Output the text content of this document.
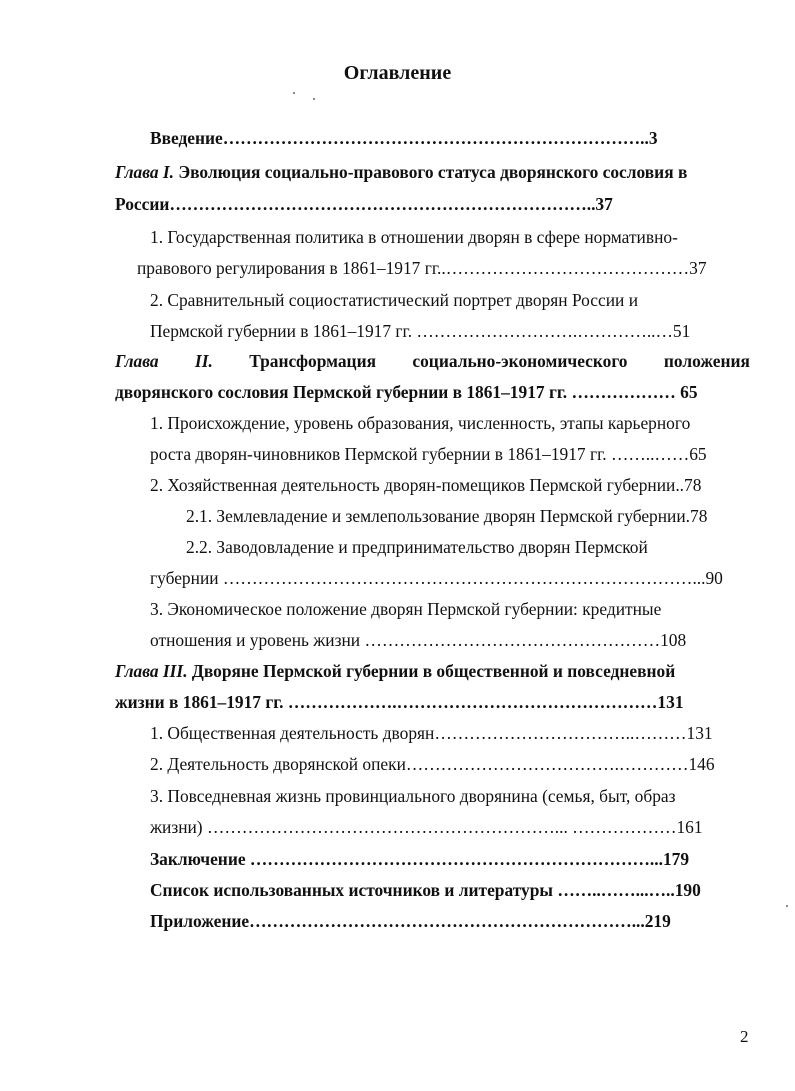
Оглавление
Введение………………………………………………………………..3
Глава I. Эволюция социально-правового статуса дворянского сословия в
России………………………………………………………………..37
1. Государственная политика в отношении дворян в сфере нормативно-
правового регулирования в 1861–1917 гг..……………………………………37
2. Сравнительный социостатистический портрет дворян России и
Пермской губернии в 1861–1917 гг. ……………………….…………..…51
Глава II. Трансформация социально-экономического положения
дворянского сословия Пермской губернии в 1861–1917 гг. ……………… 65
1. Происхождение, уровень образования, численность, этапы карьерного
роста дворян-чиновников Пермской губернии в 1861–1917 гг. ……..……65
2. Хозяйственная деятельность дворян-помещиков Пермской губернии..78
2.1. Землевладение и землепользование дворян Пермской губернии.78
2.2. Заводовладение и предпринимательство дворян Пермской
губернии ………………………………………………………………………...90
3. Экономическое положение дворян Пермской губернии: кредитные
отношения и уровень жизни ……………………………………………108
Глава III. Дворяне Пермской губернии в общественной и повседневной
жизни в 1861–1917 гг. ……………….………………………………………131
1. Общественная деятельность дворян……………………………..………131
2. Деятельность дворянской опеки……………………………….…………146
3. Повседневная жизнь провинциального дворянина (семья, быт, образ
жизни) ……………………………………………………... ………………161
Заключение ……………………………………………………………...179
Список использованных источников и литературы ……..……...…..190
Приложение…………………………………………………………...219
2
